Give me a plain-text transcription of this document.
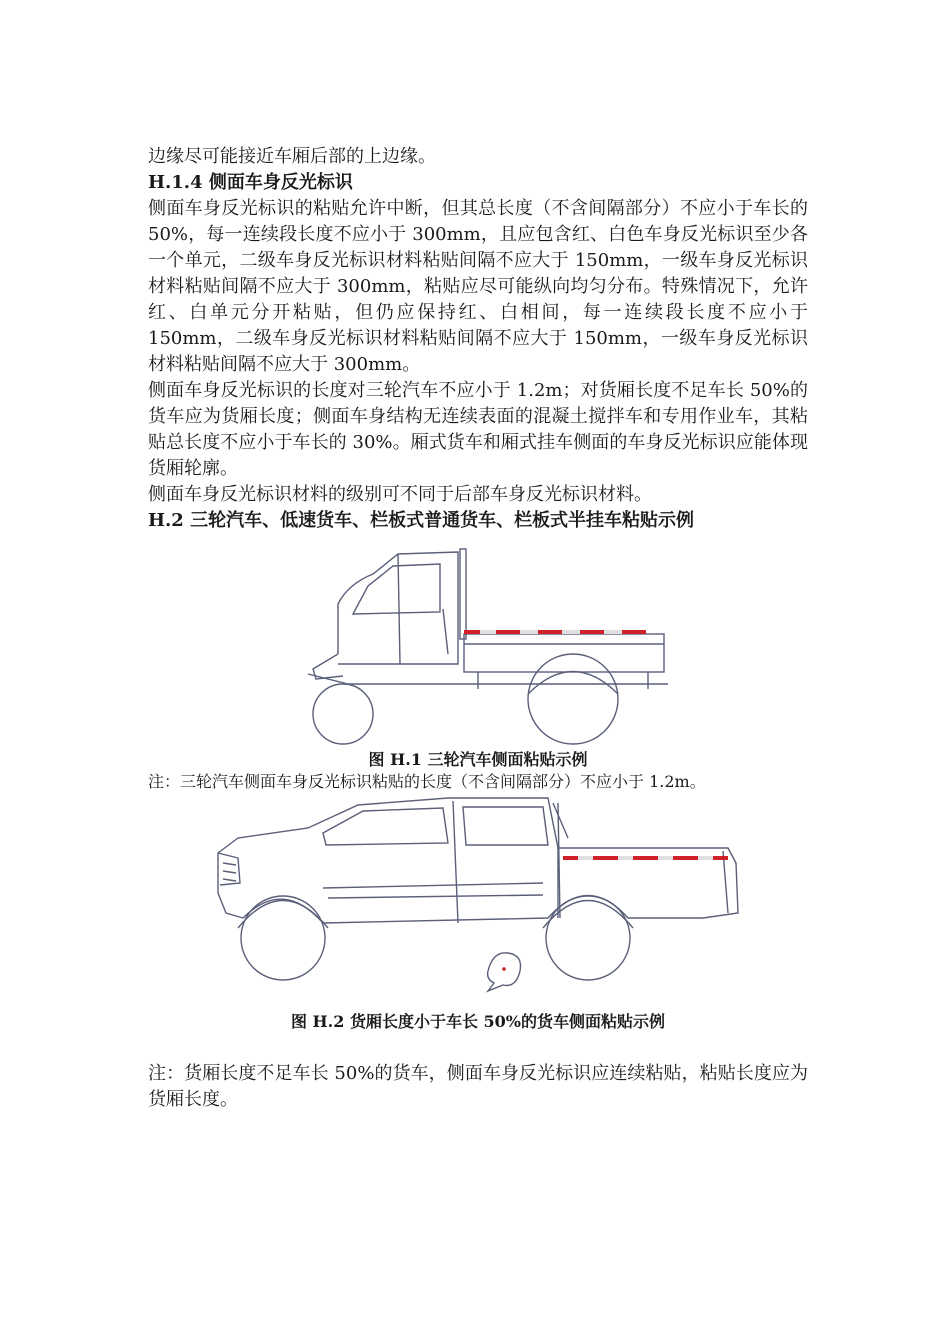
边缘尽可能接近车厢后部的上边缘。

H.1.4 侧面车身反光标识

侧面车身反光标识的粘贴允许中断，但其总长度（不含间隔部分）不应小于车长的 50%，每一连续段长度不应小于 300mm，且应包含红、白色车身反光标识至少各一个单元，二级车身反光标识材料粘贴间隔不应大于 150mm，一级车身反光标识材料粘贴间隔不应大于 300mm，粘贴应尽可能纵向均匀分布。特殊情况下，允许红、白单元分开粘贴，但仍应保持红、白相间，每一连续段长度不应小于 150mm，二级车身反光标识材料粘贴间隔不应大于 150mm，一级车身反光标识材料粘贴间隔不应大于 300mm。

侧面车身反光标识的长度对三轮汽车不应小于 1.2m；对货厢长度不足车长 50%的货车应为货厢长度；侧面车身结构无连续表面的混凝土搅拌车和专用作业车，其粘贴总长度不应小于车长的 30%。厢式货车和厢式挂车侧面的车身反光标识应能体现货厢轮廓。

侧面车身反光标识材料的级别可不同于后部车身反光标识材料。

H.2 三轮汽车、低速货车、栏板式普通货车、栏板式半挂车粘贴示例

图 H.1 三轮汽车侧面粘贴示例

注：三轮汽车侧面车身反光标识粘贴的长度（不含间隔部分）不应小于 1.2m。

图 H.2 货厢长度小于车长 50%的货车侧面粘贴示例

注：货厢长度不足车长 50%的货车，侧面车身反光标识应连续粘贴，粘贴长度应为货厢长度。
